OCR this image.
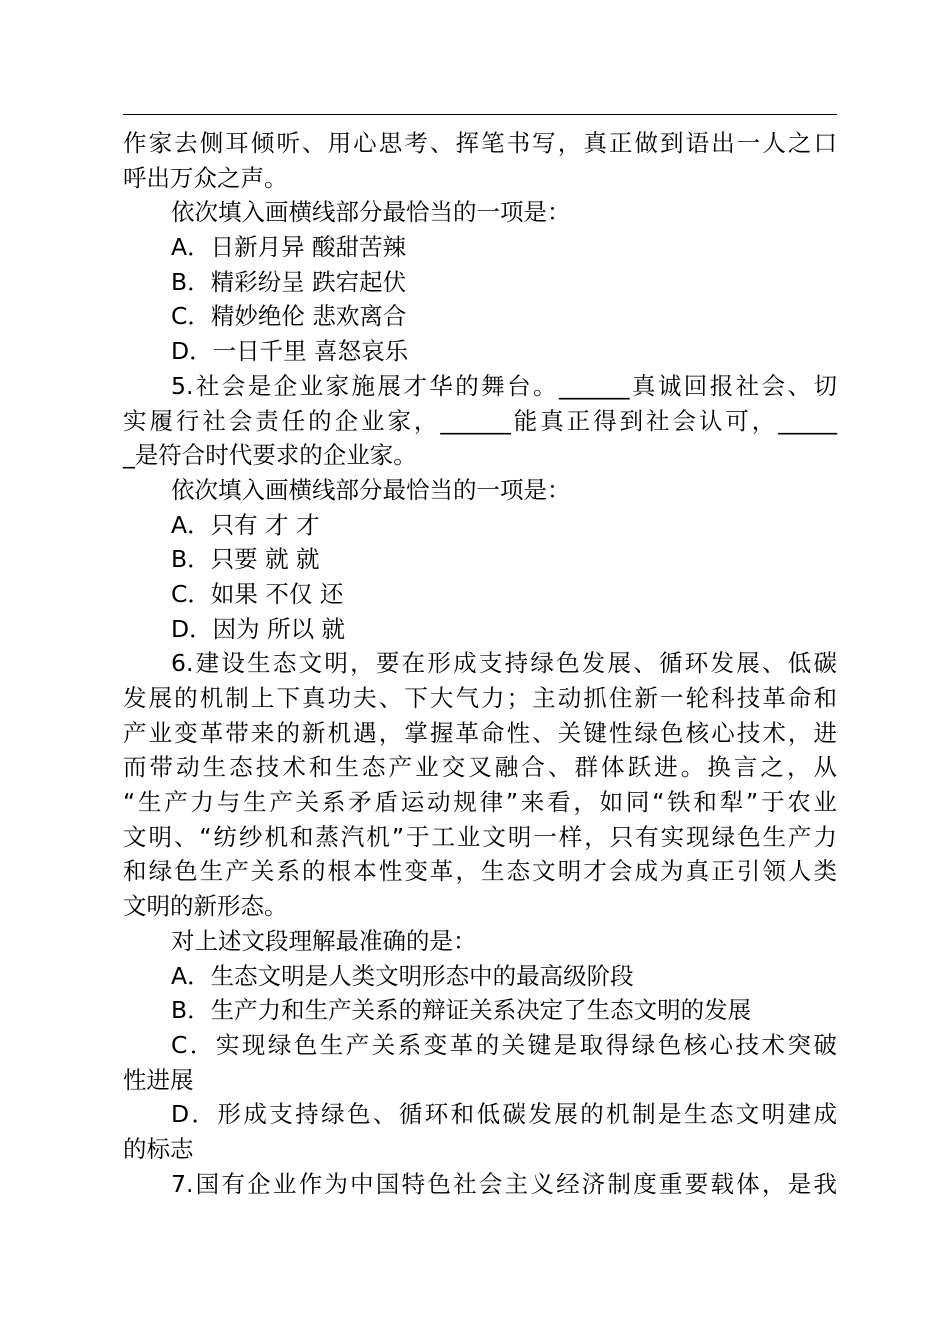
作家去侧耳倾听、用心思考、挥笔书写，真正做到语出一人之口
呼出万众之声。
依次填入画横线部分最恰当的一项是：
A．日新月异 酸甜苦辣
B．精彩纷呈 跌宕起伏
C．精妙绝伦 悲欢离合
D．一日千里 喜怒哀乐
5.社会是企业家施展才华的舞台。______真诚回报社会、切
实履行社会责任的企业家，______能真正得到社会认可，_____
_是符合时代要求的企业家。
依次填入画横线部分最恰当的一项是：
A．只有 才 才
B．只要 就 就
C．如果 不仅 还
D．因为 所以 就
6.建设生态文明，要在形成支持绿色发展、循环发展、低碳
发展的机制上下真功夫、下大气力；主动抓住新一轮科技革命和
产业变革带来的新机遇，掌握革命性、关键性绿色核心技术，进
而带动生态技术和生态产业交叉融合、群体跃进。换言之，从
“生产力与生产关系矛盾运动规律”来看，如同“铁和犁”于农业
文明、“纺纱机和蒸汽机”于工业文明一样，只有实现绿色生产力
和绿色生产关系的根本性变革，生态文明才会成为真正引领人类
文明的新形态。
对上述文段理解最准确的是：
A．生态文明是人类文明形态中的最高级阶段
B．生产力和生产关系的辩证关系决定了生态文明的发展
C．实现绿色生产关系变革的关键是取得绿色核心技术突破
性进展
D．形成支持绿色、循环和低碳发展的机制是生态文明建成
的标志
7.国有企业作为中国特色社会主义经济制度重要载体，是我
